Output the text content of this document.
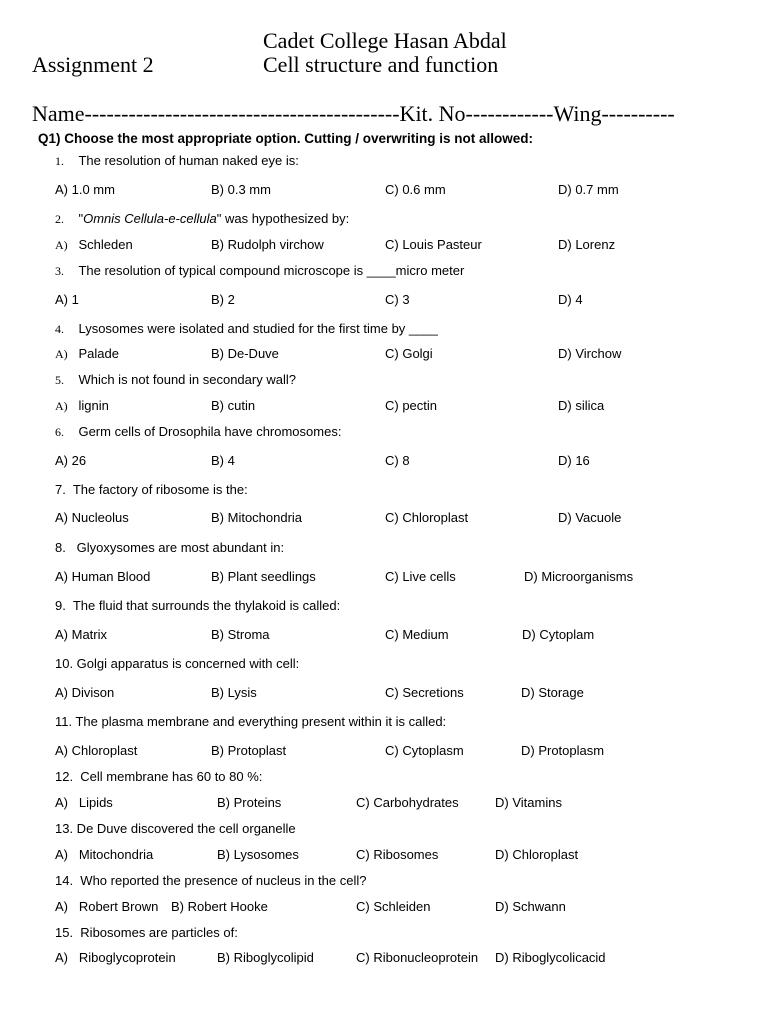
Cadet College Hasan Abdal
Assignment 2	Cell structure and function
Name-------------------------------------------Kit. No------------Wing----------
Q1) Choose the most appropriate option. Cutting / overwriting is not allowed:
1. The resolution of human naked eye is:
A) 1.0 mm	B) 0.3 mm	C) 0.6 mm	D) 0.7 mm
2. "Omnis Cellula-e-cellula" was hypothesized by:
A) Schleden	B) Rudolph virchow	C) Louis Pasteur	D) Lorenz
3. The resolution of typical compound microscope is ____micro meter
A) 1	B) 2	C) 3	D) 4
4. Lysosomes were isolated and studied for the first time by ____
A) Palade	B) De-Duve	C) Golgi	D) Virchow
5. Which is not found in secondary wall?
A) lignin	B) cutin	C) pectin	D) silica
6. Germ cells of Drosophila have chromosomes:
A) 26	B) 4	C) 8	D) 16
7.  The factory of ribosome is the:
A) Nucleolus	B) Mitochondria	C) Chloroplast	D) Vacuole
8.   Glyoxysomes are most abundant in:
A) Human Blood	B) Plant seedlings	C) Live cells	D) Microorganisms
9.  The fluid that surrounds the thylakoid is called:
A) Matrix	B) Stroma	C) Medium	D) Cytoplam
10. Golgi apparatus is concerned with cell:
A) Divison	B) Lysis	C) Secretions	D) Storage
11. The plasma membrane and everything present within it is called:
A) Chloroplast	B) Protoplast	C) Cytoplasm	D) Protoplasm
12.  Cell membrane has 60 to 80 %:
A)   Lipids	B) Proteins	C) Carbohydrates	D) Vitamins
13. De Duve discovered the cell organelle
A)   Mitochondria	B) Lysosomes	C) Ribosomes	D) Chloroplast
14.  Who reported the presence of nucleus in the cell?
A)   Robert Brown B) Robert Hooke	C) Schleiden	D) Schwann
15.  Ribosomes are particles of:
A)   Riboglycoprotein	B) Riboglycolipid	C) Ribonucleoprotein D) Riboglycolicacid
